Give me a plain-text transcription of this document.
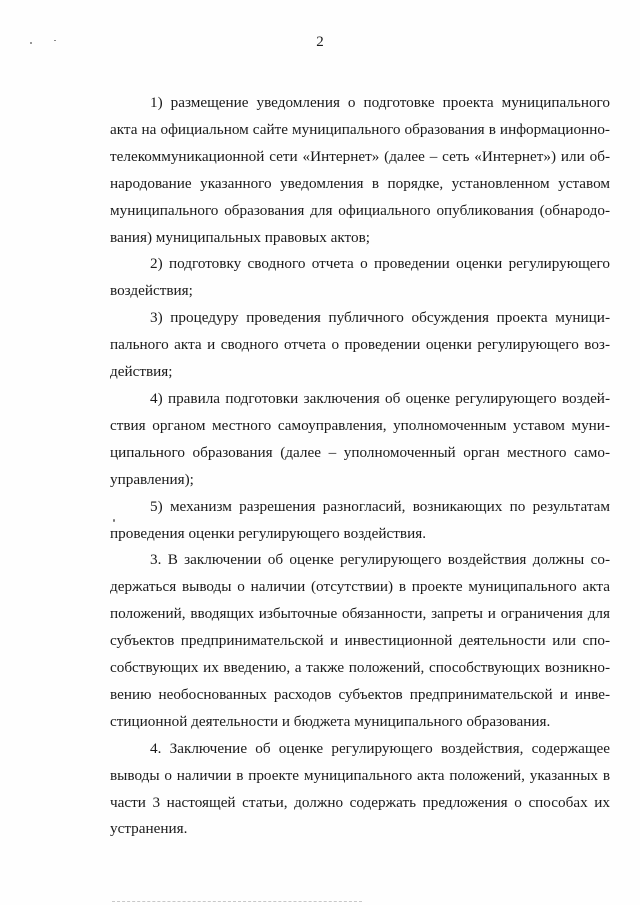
2

1) размещение уведомления о подготовке проекта муниципального акта на официальном сайте муниципального образования в информационно-телекоммуникационной сети «Интернет» (далее – сеть «Интернет») или обнародование указанного уведомления в порядке, установленном уставом муниципального образования для официального опубликования (обнародования) муниципальных правовых актов;

2) подготовку сводного отчета о проведении оценки регулирующего воздействия;

3) процедуру проведения публичного обсуждения проекта муниципального акта и сводного отчета о проведении оценки регулирующего воздействия;

4) правила подготовки заключения об оценке регулирующего воздействия органом местного самоуправления, уполномоченным уставом муниципального образования (далее – уполномоченный орган местного самоуправления);

5) механизм разрешения разногласий, возникающих по результатам проведения оценки регулирующего воздействия.

3. В заключении об оценке регулирующего воздействия должны содержаться выводы о наличии (отсутствии) в проекте муниципального акта положений, вводящих избыточные обязанности, запреты и ограничения для субъектов предпринимательской и инвестиционной деятельности или способствующих их введению, а также положений, способствующих возникновению необоснованных расходов субъектов предпринимательской и инвестиционной деятельности и бюджета муниципального образования.

4. Заключение об оценке регулирующего воздействия, содержащее выводы о наличии в проекте муниципального акта положений, указанных в части 3 настоящей статьи, должно содержать предложения о способах их устранения.
